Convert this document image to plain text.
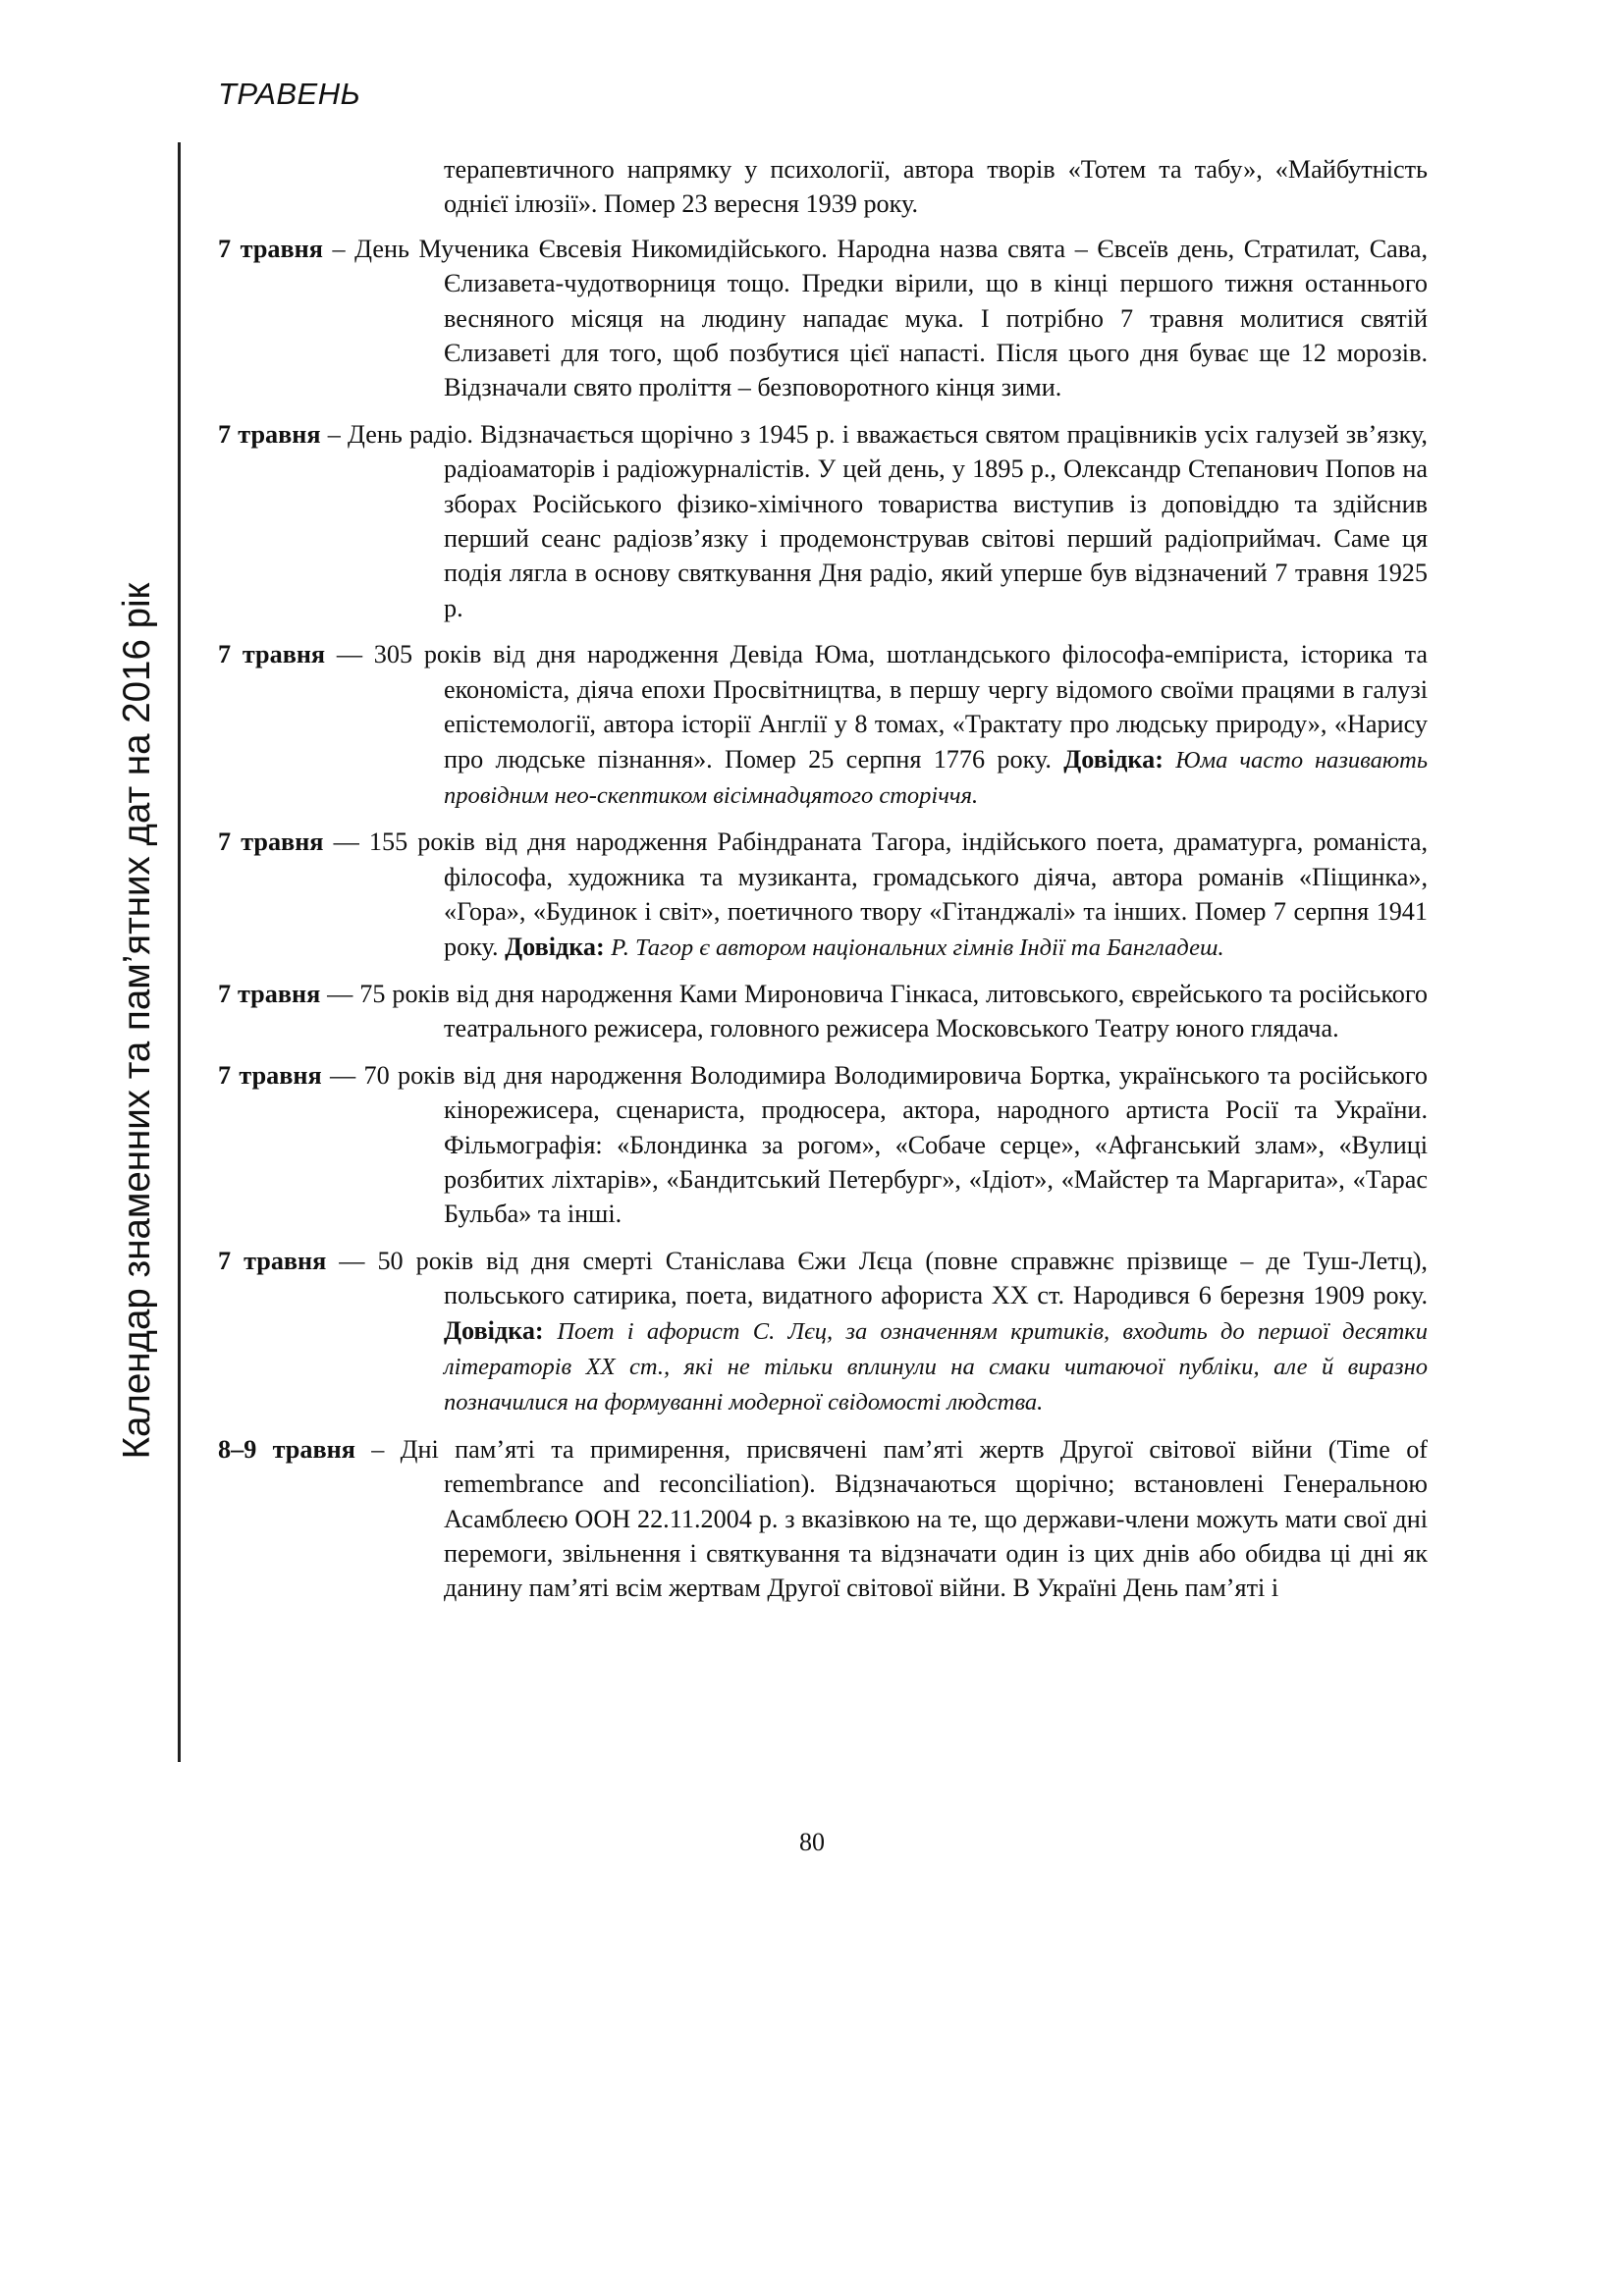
ТРАВЕНЬ
Календар знаменних та пам’ятних дат на 2016 рік

терапевтичного напрямку у психології, автора творів «Тотем та табу», «Майбутність однієї ілюзії». Помер 23 вересня 1939 року.

7 травня – День Мученика Євсевія Никомидійського. Народна назва свята – Євсеїв день, Стратилат, Сава, Єлизавета-чудотворниця тощо. Предки вірили, що в кінці першого тижня останнього весняного місяця на людину нападає мука. І потрібно 7 травня молитися святій Єлизаветі для того, щоб позбутися цієї напасті. Після цього дня буває ще 12 морозів. Відзначали свято проліття – безповоротного кінця зими.

7 травня – День радіо. Відзначається щорічно з 1945 р. і вважається святом працівників усіх галузей зв’язку, радіоаматорів і радіожурналістів. У цей день, у 1895 р., Олександр Степанович Попов на зборах Російського фізико-хімічного товариства виступив із доповіддю та здійснив перший сеанс радіозв’язку і продемонстрував світові перший радіоприймач. Саме ця подія лягла в основу святкування Дня радіо, який уперше був відзначений 7 травня 1925 р.

7 травня — 305 років від дня народження Девіда Юма, шотландського філософа-емпіриста, історика та економіста, діяча епохи Просвітництва, в першу чергу відомого своїми працями в галузі епістемології, автора історії Англії у 8 томах, «Трактату про людську природу», «Нарису про людське пізнання». Помер 25 серпня 1776 року. Довідка: Юма часто називають провідним нео-скептиком вісімнадцятого сторіччя.

7 травня — 155 років від дня народження Рабіндраната Тагора, індійського поета, драматурга, романіста, філософа, художника та музиканта, громадського діяча, автора романів «Піщинка», «Гора», «Будинок і світ», поетичного твору «Гітанджалі» та інших. Помер 7 серпня 1941 року. Довідка: Р. Тагор є автором національних гімнів Індії та Бангладеш.

7 травня — 75 років від дня народження Ками Мироновича Гінкаса, литовського, єврейського та російського театрального режисера, головного режисера Московського Театру юного глядача.

7 травня — 70 років від дня народження Володимира Володимировича Бортка, українського та російського кінорежисера, сценариста, продюсера, актора, народного артиста Росії та України. Фільмографія: «Блондинка за рогом», «Собаче серце», «Афганський злам», «Вулиці розбитих ліхтарів», «Бандитський Петербург», «Ідіот», «Майстер та Маргарита», «Тарас Бульба» та інші.

7 травня — 50 років від дня смерті Станіслава Єжи Лєца (повне справжнє прізвище – де Туш-Летц), польського сатирика, поета, видатного афориста XX ст. Народився 6 березня 1909 року. Довідка: Поет і афорист С. Лєц, за означенням критиків, входить до першої десятки літераторів XX ст., які не тільки вплинули на смаки читаючої публіки, але й виразно позначилися на формуванні модерної свідомості людства.

8–9 травня – Дні пам’яті та примирення, присвячені пам’яті жертв Другої світової війни (Time of remembrance and reconciliation). Відзначаються щорічно; встановлені Генеральною Асамблеєю ООН 22.11.2004 р. з вказівкою на те, що держави-члени можуть мати свої дні перемоги, звільнення і святкування та відзначати один із цих днів або обидва ці дні як данину пам’яті всім жертвам Другої світової війни. В Україні День пам’яті і

80
